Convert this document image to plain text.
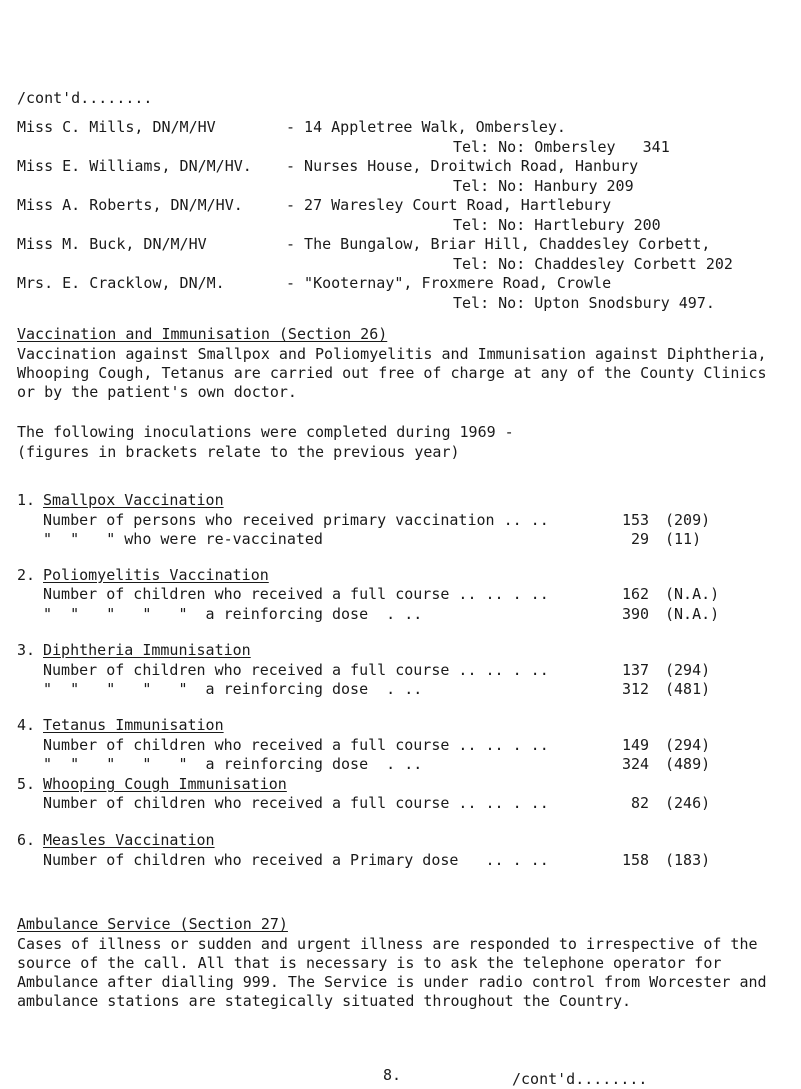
/cont'd........
Miss C. Mills, DN/M/HV	- 14 Appletree Walk, Ombersley.
Tel: No: Ombersley   341
Miss E. Williams, DN/M/HV. - Nurses House, Droitwich Road, Hanbury
Tel: No: Hanbury 209
Miss A. Roberts, DN/M/HV.	- 27 Waresley Court Road, Hartlebury
Tel: No: Hartlebury 200
Miss M. Buck, DN/M/HV	- The Bungalow, Briar Hill, Chaddesley Corbett,
Tel: No: Chaddesley Corbett 202
Mrs. E. Cracklow, DN/M.	- "Kooternay", Froxmere Road, Crowle
Tel: No: Upton Snodsbury 497.
Vaccination and Immunisation (Section 26)
Vaccination against Smallpox and Poliomyelitis and Immunisation against Diphtheria, Whooping Cough, Tetanus are carried out free of charge at any of the County Clinics or by the patient's own doctor.
The following inoculations were completed during 1969 -
(figures in brackets relate to the previous year)
1. Smallpox Vaccination
Number of persons who received primary vaccination .. ..	153 (209)
"  "   " who were re-vaccinated	29 (11)
2. Poliomyelitis Vaccination
Number of children who received a full course .. .. . ..	162 (N.A.)
"  "   "   "   "  a reinforcing dose  . ..	390 (N.A.)
3. Diphtheria Immunisation
Number of children who received a full course .. .. . ..	137 (294)
"  "   "   "   "  a reinforcing dose  . ..	312 (481)
4. Tetanus Immunisation
Number of children who received a full course .. .. . ..	149 (294)
"  "   "   "   "  a reinforcing dose  . ..	324 (489)
5. Whooping Cough Immunisation
Number of children who received a full course .. .. . ..	82 (246)
6. Measles Vaccination
Number of children who received a Primary dose   .. . ..	158 (183)
Ambulance Service (Section 27)
Cases of illness or sudden and urgent illness are responded to irrespective of the source of the call. All that is necessary is to ask the telephone operator for Ambulance after dialling 999. The Service is under radio control from Worcester and ambulance stations are stategically situated throughout the Country.
8.	/cont'd........
